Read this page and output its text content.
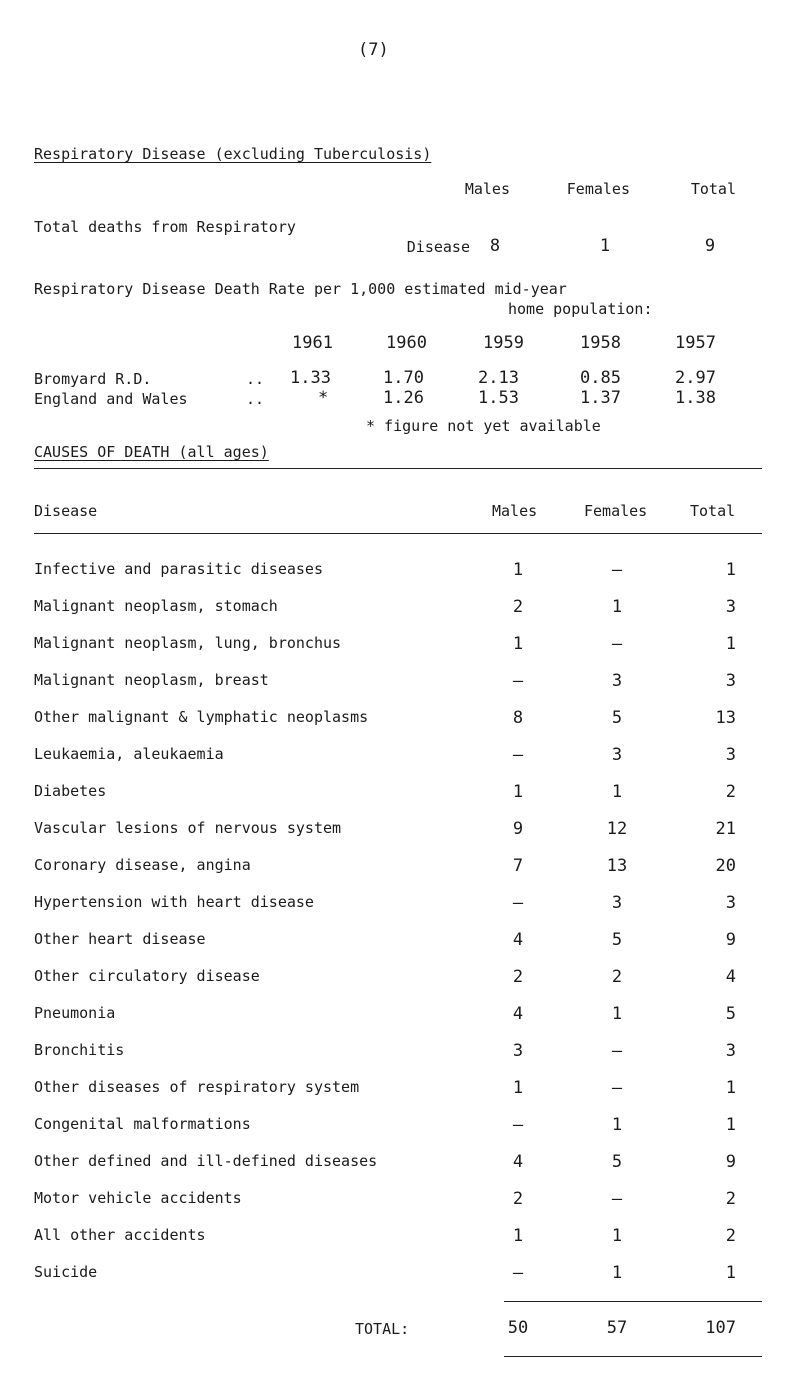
(7)
Respiratory Disease (excluding Tuberculosis)
Males	Females	Total
Total deaths from Respiratory
Disease	8	1	9
Respiratory Disease Death Rate per 1,000 estimated mid-year
home population:
1961	1960	1959	1958	1957
Bromyard R.D.	.. 1.33	1.70	2.13	0.85	2.97
England and Wales	..	*	1.26	1.53	1.37	1.38
* figure not yet available
CAUSES OF DEATH (all ages)
Disease	Males	Females	Total
Infective and parasitic diseases	1	–	1
Malignant neoplasm, stomach	2	1	3
Malignant neoplasm, lung, bronchus	1	–	1
Malignant neoplasm, breast	–	3	3
Other malignant & lymphatic neoplasms	8	5	13
Leukaemia, aleukaemia	–	3	3
Diabetes	1	1	2
Vascular lesions of nervous system	9	12	21
Coronary disease, angina	7	13	20
Hypertension with heart disease	–	3	3
Other heart disease	4	5	9
Other circulatory disease	2	2	4
Pneumonia	4	1	5
Bronchitis	3	–	3
Other diseases of respiratory system	1	–	1
Congenital malformations	–	1	1
Other defined and ill-defined diseases	4	5	9
Motor vehicle accidents	2	–	2
All other accidents	1	1	2
Suicide	–	1	1
TOTAL:	50	57	107
